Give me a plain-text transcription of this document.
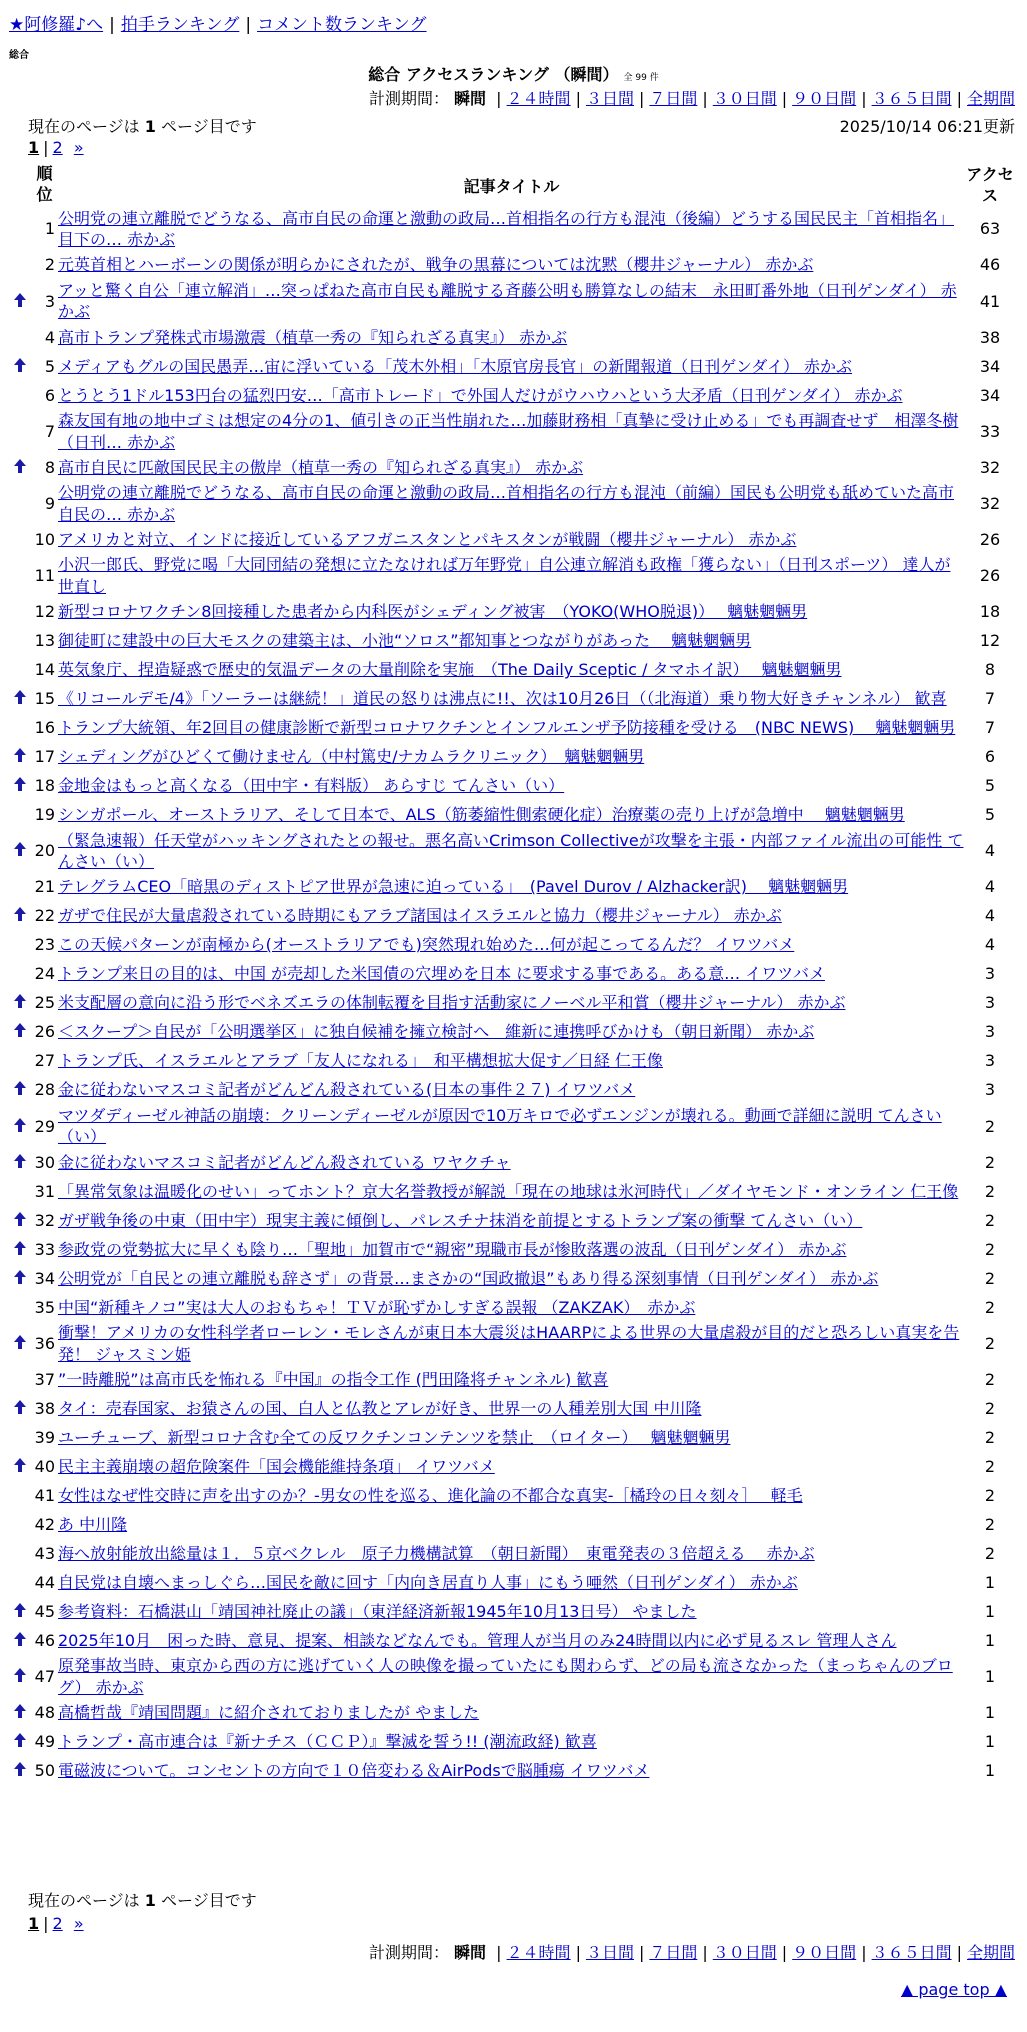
★阿修羅♪へ | 拍手ランキング | コメント数ランキング
総合
総合 アクセスランキング （瞬間） 全 99 件
計測期間： 瞬間 | ２４時間 | ３日間 | ７日間 | ３０日間 | ９０日間 | ３６５日間 | 全期間
現在のページは 1 ページ目です	2025/10/14 06:21更新
1 | 2 »
	順位	記事タイトル	アクセス
	1	公明党の連立離脱でどうなる、高市自民の命運と激動の政局…首相指名の行方も混沌（後編）どうする国民民主「首相指名」目下の… 赤かぶ	63
	2	元英首相とハーボーンの関係が明らかにされたが、戦争の黒幕については沈黙（櫻井ジャーナル） 赤かぶ	46

	3	アッと驚く自公「連立解消」…突っぱねた高市自民も離脱する斉藤公明も勝算なしの結末　永田町番外地（日刊ゲンダイ） 赤かぶ	41
	4	高市トランプ発株式市場激震（植草一秀の『知られざる真実』） 赤かぶ	38

	5	メディアもグルの国民愚弄…宙に浮いている「茂木外相」「木原官房長官」の新聞報道（日刊ゲンダイ） 赤かぶ	34
	6	とうとう1ドル153円台の猛烈円安…「高市トレード」で外国人だけがウハウハという大矛盾（日刊ゲンダイ） 赤かぶ	34
	7	森友国有地の地中ゴミは想定の4分の1、値引きの正当性崩れた…加藤財務相「真摯に受け止める」でも再調査せず　相澤冬樹（日刊… 赤かぶ	33

	8	高市自民に匹敵国民民主の傲岸（植草一秀の『知られざる真実』） 赤かぶ	32
	9	公明党の連立離脱でどうなる、高市自民の命運と激動の政局…首相指名の行方も混沌（前編）国民も公明党も舐めていた高市自民の… 赤かぶ	32
	10	アメリカと対立、インドに接近しているアフガニスタンとパキスタンが戦闘（櫻井ジャーナル） 赤かぶ	26
	11	小沢一郎氏、野党に喝「大同団結の発想に立たなければ万年野党」自公連立解消も政権「獲らない」（日刊スポーツ） 達人が世直し	26
	12	新型コロナワクチン8回接種した患者から内科医がシェディング被害　（YOKO(WHO脱退)）　 魑魅魍魎男	18
	13	御徒町に建設中の巨大モスクの建築主は、小池“ソロス”都知事とつながりがあった　 魑魅魍魎男	12
	14	英気象庁、捏造疑惑で歴史的気温データの大量削除を実施　（The Daily Sceptic / タマホイ訳）　 魑魅魍魎男	8

	15	《リコールデモ/4》「ソーラーは継続！」道民の怒りは沸点に!!、次は10月26日（（北海道）乗り物大好きチャンネル） 歓喜	7
	16	トランプ大統領、年2回目の健康診断で新型コロナワクチンとインフルエンザ予防接種を受ける　(NBC NEWS)　 魑魅魍魎男	7

	17	シェディングがひどくて働けません（中村篤史/ナカムラクリニック）　魑魅魍魎男	6

	18	金地金はもっと高くなる（田中宇・有料版） あらすじ てんさい（い）	5
	19	シンガポール、オーストラリア、そして日本で、ALS（筋萎縮性側索硬化症）治療薬の売り上げが急増中　 魑魅魍魎男	5

	20	（緊急速報）任天堂がハッキングされたとの報せ。悪名高いCrimson Collectiveが攻撃を主張・内部ファイル流出の可能性 てんさい（い）	4
	21	テレグラムCEO「暗黒のディストピア世界が急速に迫っている」　(Pavel Durov / Alzhacker訳)　 魑魅魍魎男	4

	22	ガザで住民が大量虐殺されている時期にもアラブ諸国はイスラエルと協力（櫻井ジャーナル） 赤かぶ	4
	23	この天候パターンが南極から(オーストラリアでも)突然現れ始めた…何が起こってるんだ？ イワツバメ	4
	24	トランプ来日の目的は、中国 が売却した米国債の穴埋めを日本 に要求する事である。ある意… イワツバメ	3

	25	米支配層の意向に沿う形でベネズエラの体制転覆を目指す活動家にノーベル平和賞（櫻井ジャーナル） 赤かぶ	3

	26	＜スクープ＞自民が「公明選挙区」に独自候補を擁立検討へ　維新に連携呼びかけも（朝日新聞） 赤かぶ	3
	27	トランプ氏、イスラエルとアラブ「友人になれる」　和平構想拡大促す／日経 仁王像	3

	28	金に従わないマスコミ記者がどんどん殺されている(日本の事件２７) イワツバメ	3

	29	マツダディーゼル神話の崩壊：クリーンディーゼルが原因で10万キロで必ずエンジンが壊れる。動画で詳細に説明 てんさい（い）	2

	30	金に従わないマスコミ記者がどんどん殺されている ワヤクチャ	2
	31	「異常気象は温暖化のせい」ってホント？京大名誉教授が解説「現在の地球は氷河時代」／ダイヤモンド・オンライン 仁王像	2

	32	ガザ戦争後の中東（田中宇）現実主義に傾倒し、パレスチナ抹消を前提とするトランプ案の衝撃 てんさい（い）	2

	33	参政党の党勢拡大に早くも陰り…「聖地」加賀市で“親密”現職市長が惨敗落選の波乱（日刊ゲンダイ） 赤かぶ	2

	34	公明党が「自民との連立離脱も辞さず」の背景…まさかの“国政撤退”もあり得る深刻事情（日刊ゲンダイ） 赤かぶ	2
	35	中国“新種キノコ”実は大人のおもちゃ！ＴＶが恥ずかしすぎる誤報 （ZAKZAK）　赤かぶ	2

	36	衝撃！アメリカの女性科学者ローレン・モレさんが東日本大震災はHAARPによる世界の大量虐殺が目的だと恐ろしい真実を告発！ ジャスミン姫	2
	37	”一時離脱”は高市氏を怖れる『中国』の指令工作 (門田隆将チャンネル) 歓喜	2

	38	タイ：売春国家、お猿さんの国、白人と仏教とアレが好き、世界一の人種差別大国 中川隆	2
	39	ユーチューブ、新型コロナ含む全ての反ワクチンコンテンツを禁止　（ロイター）　 魑魅魍魎男	2

	40	民主主義崩壊の超危険案件「国会機能維持条項」 イワツバメ	2
	41	女性はなぜ性交時に声を出すのか？-男女の性を巡る、進化論の不都合な真実-［橘玲の日々刻々］　 軽毛	2
	42	あ 中川隆	2
	43	海へ放射能放出総量は１．５京ベクレル　原子力機構試算　（朝日新聞）　東電発表の３倍超える　 赤かぶ	2
	44	自民党は自壊へまっしぐら…国民を敵に回す「内向き居直り人事」にもう唖然（日刊ゲンダイ） 赤かぶ	1

	45	参考資料：石橋湛山「靖国神社廃止の議」（東洋経済新報1945年10月13日号） やました	1

	46	2025年10月　困った時、意見、提案、相談などなんでも。管理人が当月のみ24時間以内に必ず見るスレ 管理人さん	1

	47	原発事故当時、東京から西の方に逃げていく人の映像を撮っていたにも関わらず、どの局も流さなかった（まっちゃんのブログ） 赤かぶ	1

	48	高橋哲哉『靖国問題』に紹介されておりましたが やました	1

	49	トランプ・高市連合は『新ナチス（ＣＣＰ）』撃滅を誓う!! (潮流政経) 歓喜	1

	50	電磁波について。コンセントの方向で１０倍変わる＆AirPodsで脳腫瘍 イワツバメ	1
現在のページは 1 ページ目です
1 | 2 »
計測期間： 瞬間 | ２４時間 | ３日間 | ７日間 | ３０日間 | ９０日間 | ３６５日間 | 全期間
▲ page top ▲
